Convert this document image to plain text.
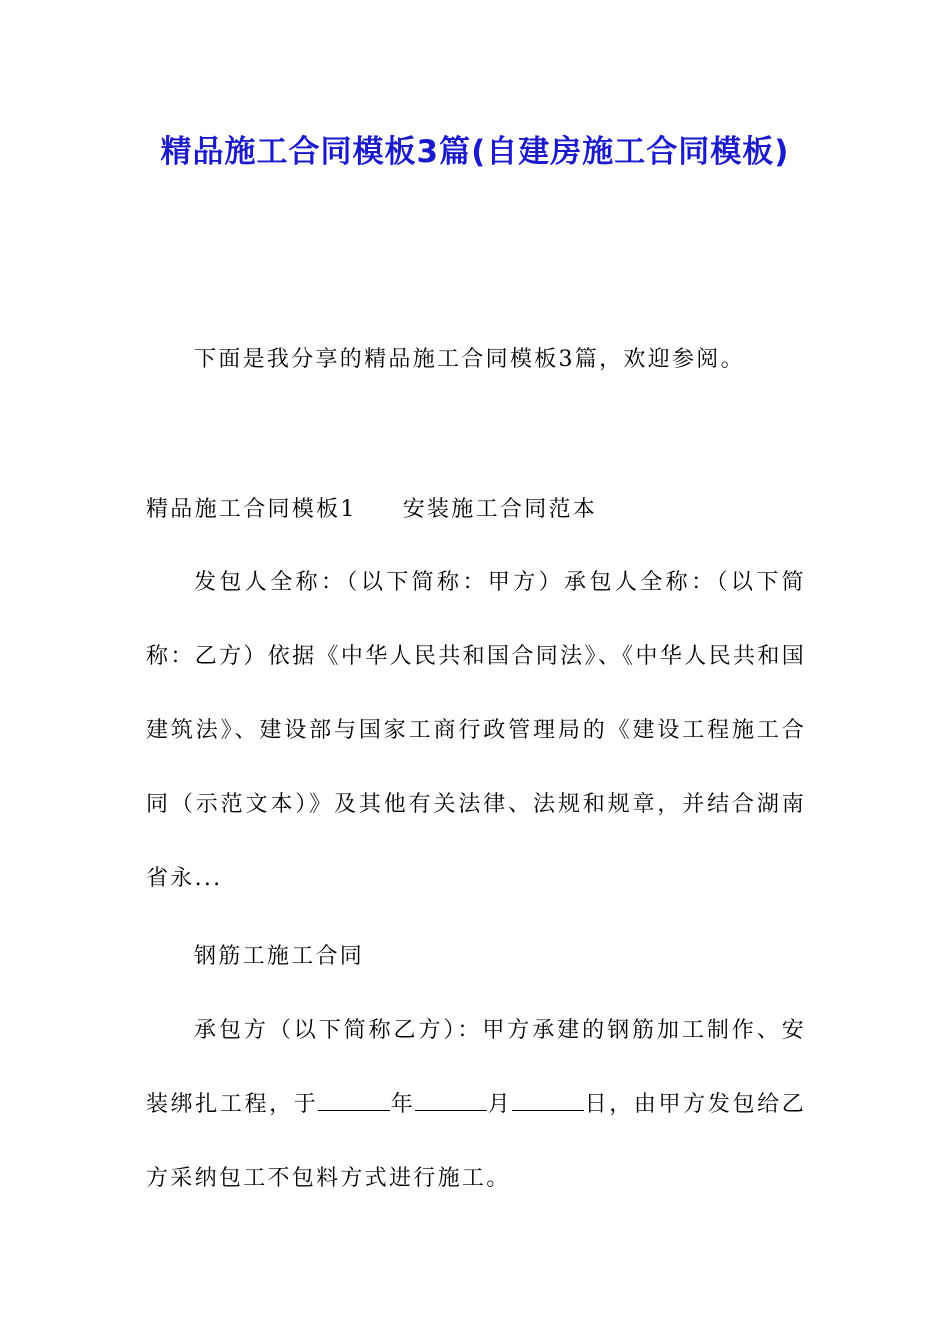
精品施工合同模板3篇(自建房施工合同模板)
下面是我分享的精品施工合同模板3篇，欢迎参阅。
精品施工合同模板1 安装施工合同范本

发包人全称：（以下简称：甲方）承包人全称：（以下简称：乙方）依据《中华人民共和国合同法》、《中华人民共和国建筑法》、建设部与国家工商行政管理局的《建设工程施工合同（示范文本）》及其他有关法律、法规和规章，并结合湖南省永...

钢筋工施工合同

承包方（以下简称乙方）：甲方承建的钢筋加工制作、安装绑扎工程，于	年	月	日，由甲方发包给乙方采纳包工不包料方式进行施工。
